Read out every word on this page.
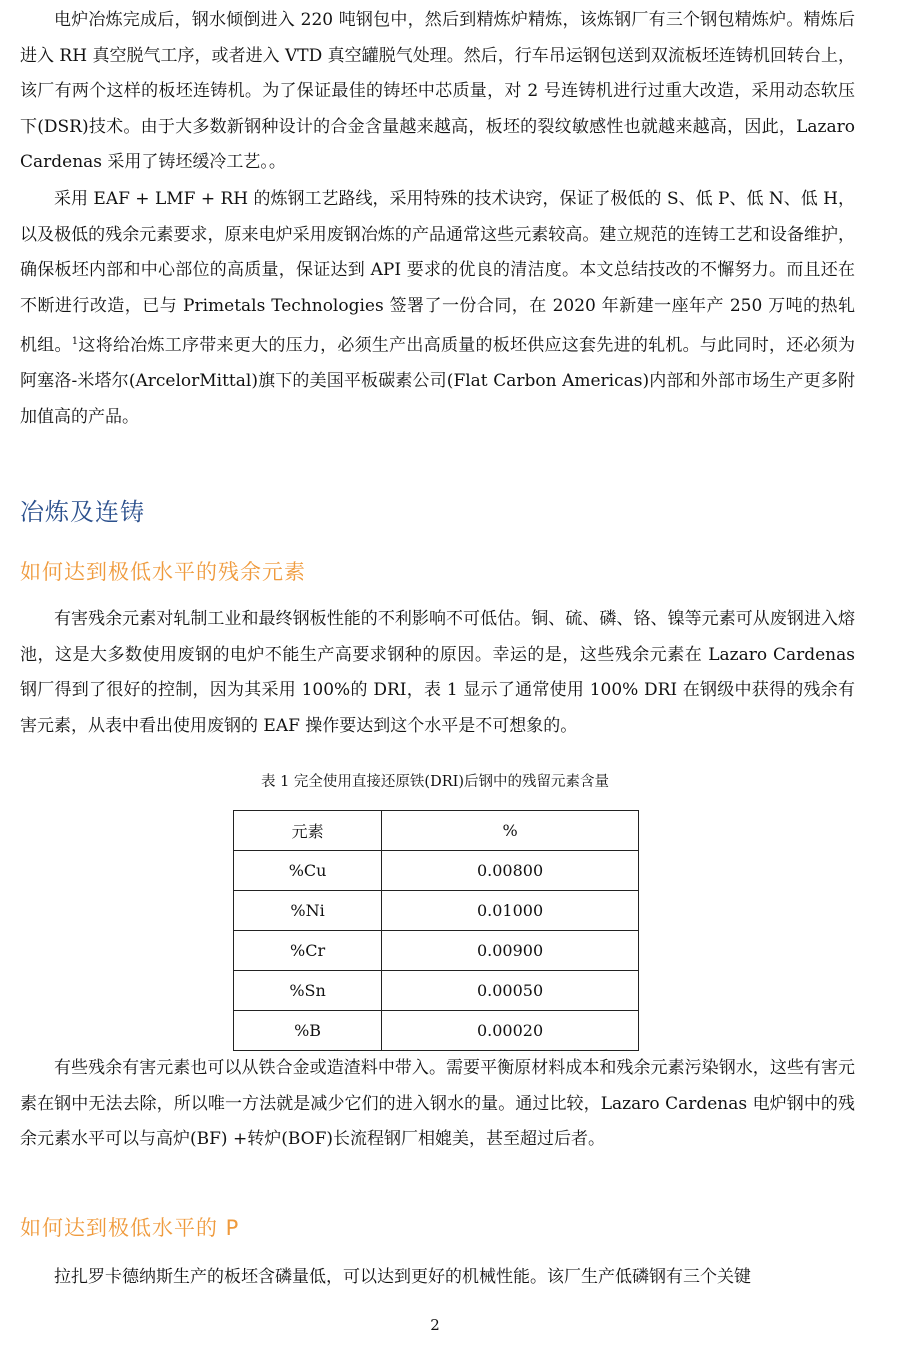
电炉冶炼完成后，钢水倾倒进入 220 吨钢包中，然后到精炼炉精炼，该炼钢厂有三个钢包精炼炉。精炼后进入 RH 真空脱气工序，或者进入 VTD 真空罐脱气处理。然后，行车吊运钢包送到双流板坯连铸机回转台上，该厂有两个这样的板坯连铸机。为了保证最佳的铸坯中芯质量，对 2 号连铸机进行过重大改造，采用动态软压下(DSR)技术。由于大多数新钢种设计的合金含量越来越高，板坯的裂纹敏感性也就越来越高，因此，Lazaro Cardenas 采用了铸坯缓冷工艺。。

采用 EAF + LMF + RH 的炼钢工艺路线，采用特殊的技术诀窍，保证了极低的 S、低 P、低 N、低 H，以及极低的残余元素要求，原来电炉采用废钢冶炼的产品通常这些元素较高。建立规范的连铸工艺和设备维护，确保板坯内部和中心部位的高质量，保证达到 API 要求的优良的清洁度。本文总结技改的不懈努力。而且还在不断进行改造，已与 Primetals Technologies 签署了一份合同，在 2020 年新建一座年产 250 万吨的热轧机组。$^1$这将给冶炼工序带来更大的压力，必须生产出高质量的板坯供应这套先进的轧机。与此同时，还必须为阿塞洛-米塔尔(ArcelorMittal)旗下的美国平板碳素公司(Flat Carbon Americas)内部和外部市场生产更多附加值高的产品。

冶炼及连铸
如何达到极低水平的残余元素

有害残余元素对轧制工业和最终钢板性能的不利影响不可低估。铜、硫、磷、铬、镍等元素可从废钢进入熔池，这是大多数使用废钢的电炉不能生产高要求钢种的原因。幸运的是，这些残余元素在 Lazaro Cardenas 钢厂得到了很好的控制，因为其采用 100%的 DRI，表 1 显示了通常使用 100% DRI 在钢级中获得的残余有害元素，从表中看出使用废钢的 EAF 操作要达到这个水平是不可想象的。

表 1 完全使用直接还原铁(DRI)后钢中的残留元素含量

元素	%
%Cu	0.00800
%Ni	0.01000
%Cr	0.00900
%Sn	0.00050
%B	0.00020

有些残余有害元素也可以从铁合金或造渣料中带入。需要平衡原材料成本和残余元素污染钢水，这些有害元素在钢中无法去除，所以唯一方法就是减少它们的进入钢水的量。通过比较，Lazaro Cardenas 电炉钢中的残余元素水平可以与高炉(BF) +转炉(BOF)长流程钢厂相媲美，甚至超过后者。

如何达到极低水平的 P

拉扎罗卡德纳斯生产的板坯含磷量低，可以达到更好的机械性能。该厂生产低磷钢有三个关键

2
